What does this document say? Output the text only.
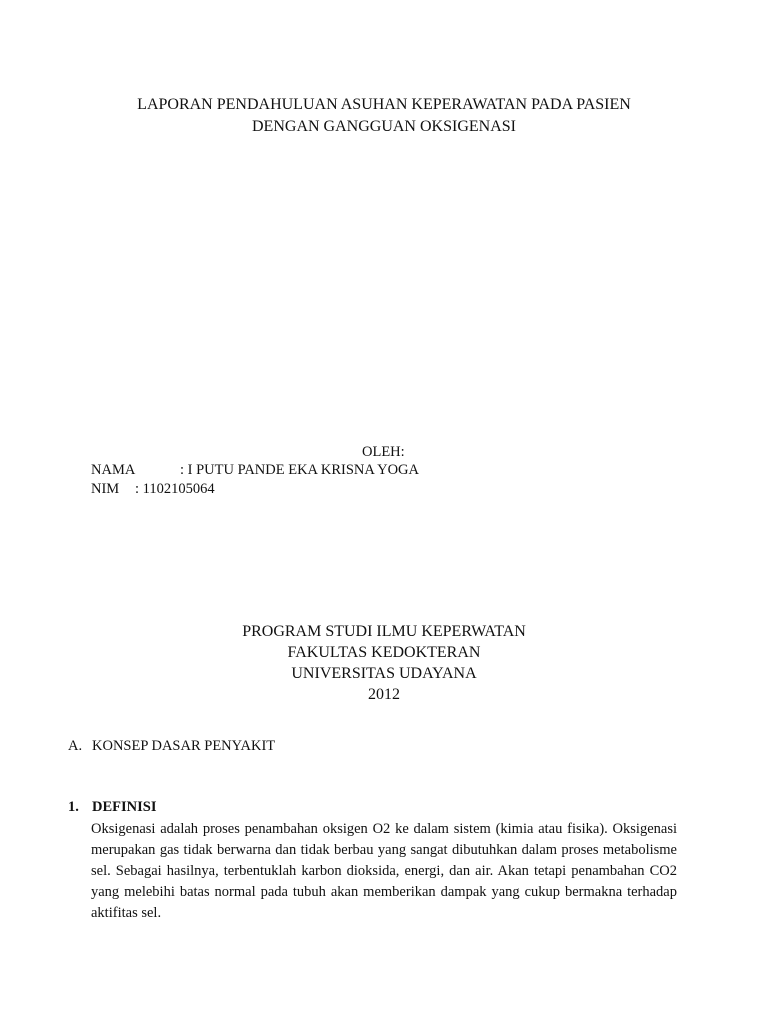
LAPORAN PENDAHULUAN ASUHAN KEPERAWATAN PADA PASIEN
DENGAN GANGGUAN OKSIGENASI
OLEH:
NAMA	: I PUTU PANDE EKA KRISNA YOGA
NIM : 1102105064
PROGRAM STUDI ILMU KEPERWATAN
FAKULTAS KEDOKTERAN
UNIVERSITAS UDAYANA
2012
A. KONSEP DASAR PENYAKIT
1. DEFINISI
Oksigenasi adalah proses penambahan oksigen O2 ke dalam sistem (kimia atau fisika). Oksigenasi merupakan gas tidak berwarna dan tidak berbau yang sangat dibutuhkan dalam proses metabolisme sel. Sebagai hasilnya, terbentuklah karbon dioksida, energi, dan air. Akan tetapi penambahan CO2 yang melebihi batas normal pada tubuh akan memberikan dampak yang cukup bermakna terhadap aktifitas sel.
